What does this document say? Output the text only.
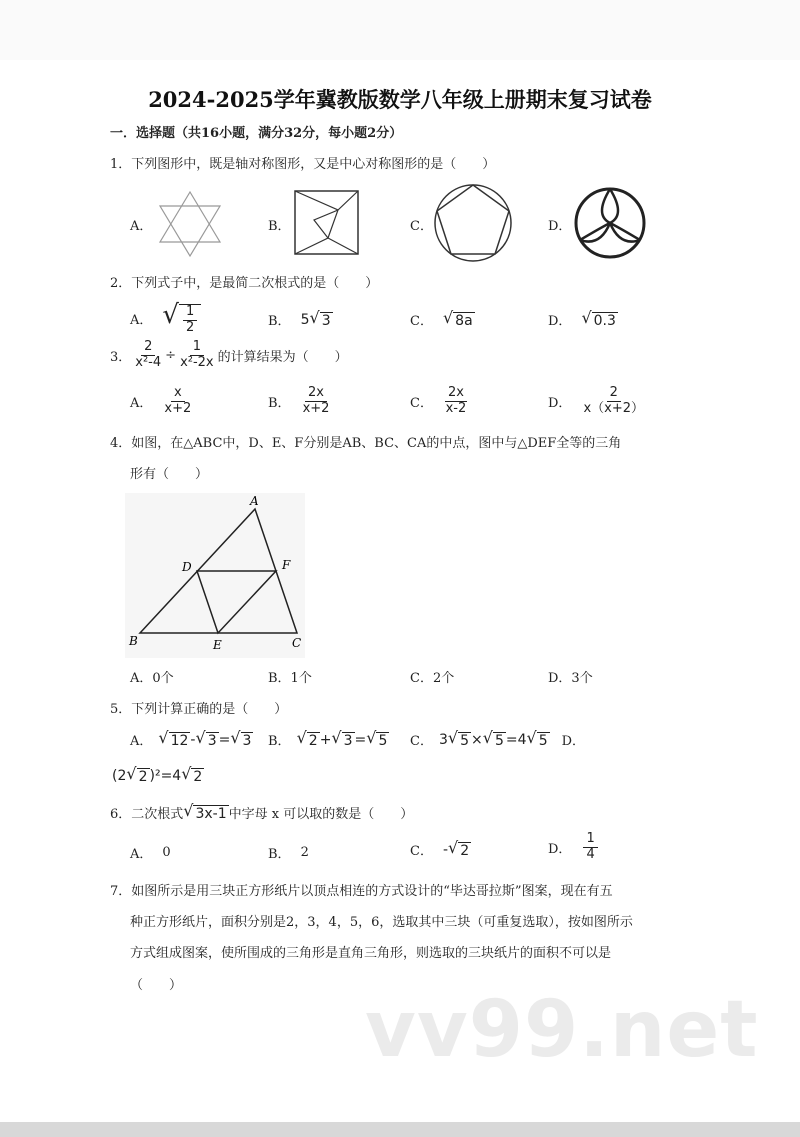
2024-2025学年冀教版数学八年级上册期末复习试卷
一．选择题（共16小题，满分32分，每小题2分）
1．下列图形中，既是轴对称图形，又是中心对称图形的是（　　）
A．	B．	C．	D．
2．下列式子中，是最简二次根式的是（　　）
A． √ $\frac{1}{2}$	B． 5 √ 3	C． √ 8a	D． √ 0.3
3． $\frac{2}{\text{x²-4}} \div \frac{1}{\text{x²-2x}}$ 的计算结果为（　　）
A． $\frac{x}{x+2}$	B． $\frac{2x}{x+2}$	C． $\frac{2x}{x-2}$	D． $\frac{2}{x(x+2)}$
4．如图，在△ABC中，D、E、F分别是AB、BC、CA的中点，图中与△DEF全等的三角
形有（　　）
A
B	C
D
E
F
A．0个	B．1个	C．2个	D．3个
5．下列计算正确的是（　　）
A． √ 12 - √ 3 = √ 3 B． √ 2 + √ 3 = √ 5 C． 3 √ 5 × √ 5 =4 √ 5 D．
(2 √ 2 )²=4 √ 2
6．二次根式 √ 3x-1 中字母 x 可以取的数是（　　）
A． 0	B． 2	C． - √ 2	D． $\frac{1}{4}$
7．如图所示是用三块正方形纸片以顶点相连的方式设计的“毕达哥拉斯”图案，现在有五
种正方形纸片，面积分别是2，3，4，5，6，选取其中三块（可重复选取），按如图所示
方式组成图案，使所围成的三角形是直角三角形，则选取的三块纸片的面积不可以是
（　　） vv99.net
